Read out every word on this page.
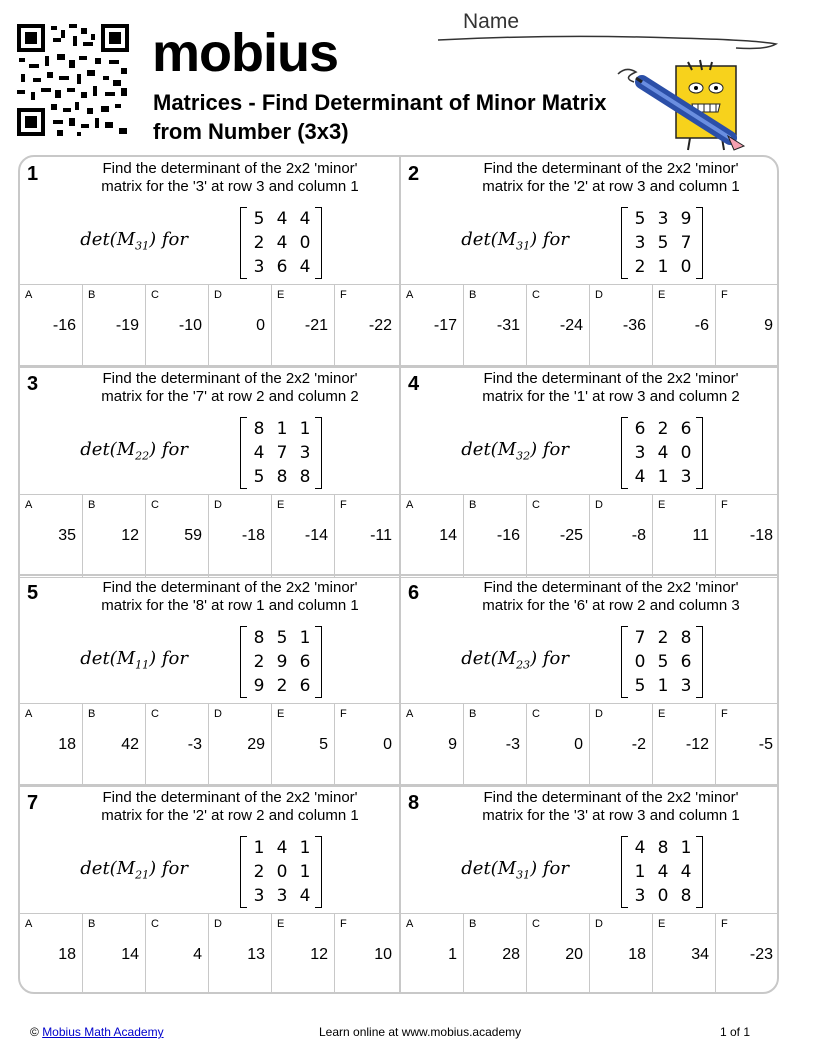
mobius
Matrices - Find Determinant of Minor Matrix from Number (3x3)
Name
1	Find the determinant of the 2x2 'minor' matrix for the '3' at row 3 and column 1
$\det(M_{31})$ for
5 4 4
2 4 0
3 6 4
A
-16
B
-19
C
-10
D
0
E
-21
F
-22
2	Find the determinant of the 2x2 'minor' matrix for the '2' at row 3 and column 1
$\det(M_{31})$ for
5 3 9
3 5 7
2 1 0
A
-17
B
-31
C
-24
D
-36
E
-6
F
9
3	Find the determinant of the 2x2 'minor' matrix for the '7' at row 2 and column 2
$\det(M_{22})$ for
8 1 1
4 7 3
5 8 8
A
35
B
12
C
59
D
-18
E
-14
F
-11
4	Find the determinant of the 2x2 'minor' matrix for the '1' at row 3 and column 2
$\det(M_{32})$ for
6 2 6
3 4 0
4 1 3
A
14
B
-16
C
-25
D
-8
E
11
F
-18
5	Find the determinant of the 2x2 'minor' matrix for the '8' at row 1 and column 1
$\det(M_{11})$ for
8 5 1
2 9 6
9 2 6
A
18
B
42
C
-3
D
29
E
5
F
0
6	Find the determinant of the 2x2 'minor' matrix for the '6' at row 2 and column 3
$\det(M_{23})$ for
7 2 8
0 5 6
5 1 3
A
9
B
-3
C
0
D
-2
E
-12
F
-5
7	Find the determinant of the 2x2 'minor' matrix for the '2' at row 2 and column 1
$\det(M_{21})$ for
1 4 1
2 0 1
3 3 4
A
18
B
14
C
4
D
13
E
12
F
10
8	Find the determinant of the 2x2 'minor' matrix for the '3' at row 3 and column 1
$\det(M_{31})$ for
4 8 1
1 4 4
3 0 8
A
1
B
28
C
20
D
18
E
34
F
-23
© Mobius Math Academy	Learn online at www.mobius.academy	1 of 1
